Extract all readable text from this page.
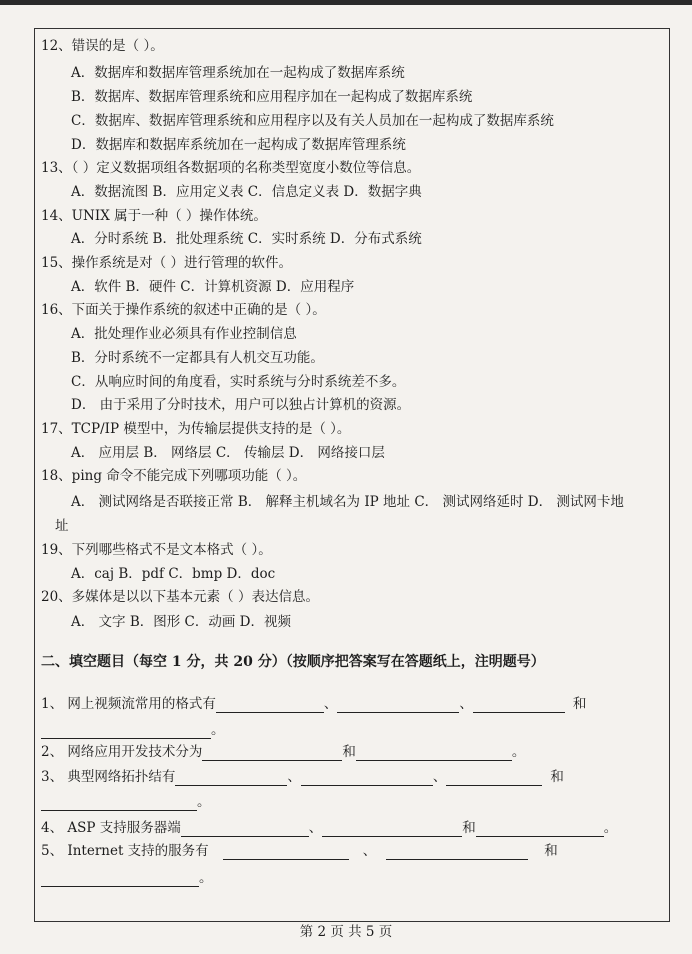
12、错误的是（ ）。
A．数据库和数据库管理系统加在一起构成了数据库系统
B．数据库、数据库管理系统和应用程序加在一起构成了数据库系统
C．数据库、数据库管理系统和应用程序以及有关人员加在一起构成了数据库系统
D．数据库和数据库系统加在一起构成了数据库管理系统
13、（ ）定义数据项组各数据项的名称类型宽度小数位等信息。
A．数据流图 B．应用定义表 C．信息定义表 D．数据字典
14、UNIX 属于一种（ ）操作体统。
A．分时系统 B．批处理系统 C．实时系统 D．分布式系统
15、操作系统是对（ ）进行管理的软件。
A．软件 B．硬件 C．计算机资源 D．应用程序
16、下面关于操作系统的叙述中正确的是（ ）。
A．批处理作业必须具有作业控制信息
B．分时系统不一定都具有人机交互功能。
C．从响应时间的角度看，实时系统与分时系统差不多。
D． 由于采用了分时技术，用户可以独占计算机的资源。
17、TCP/IP 模型中，为传输层提供支持的是（ ）。
A． 应用层 B． 网络层 C． 传输层 D． 网络接口层
18、ping 命令不能完成下列哪项功能（ ）。
A． 测试网络是否联接正常 B． 解释主机域名为 IP 地址 C． 测试网络延时 D． 测试网卡地
址
19、下列哪些格式不是文本格式（ ）。
A．caj B．pdf C．bmp D．doc
20、多媒体是以以下基本元素（ ）表达信息。
A． 文字 B．图形 C．动画 D．视频
二、填空题目（每空 1 分，共 20 分）（按顺序把答案写在答题纸上，注明题号）
1、 网上视频流常用的格式有	、	、	和
。
2、 网络应用开发技术分为	和	。
3、 典型网络拓扑结有	、	、	和
。
4、 ASP 支持服务器端	、	和	。
5、 Internet 支持的服务有	、	和
。
第 2 页 共 5 页
